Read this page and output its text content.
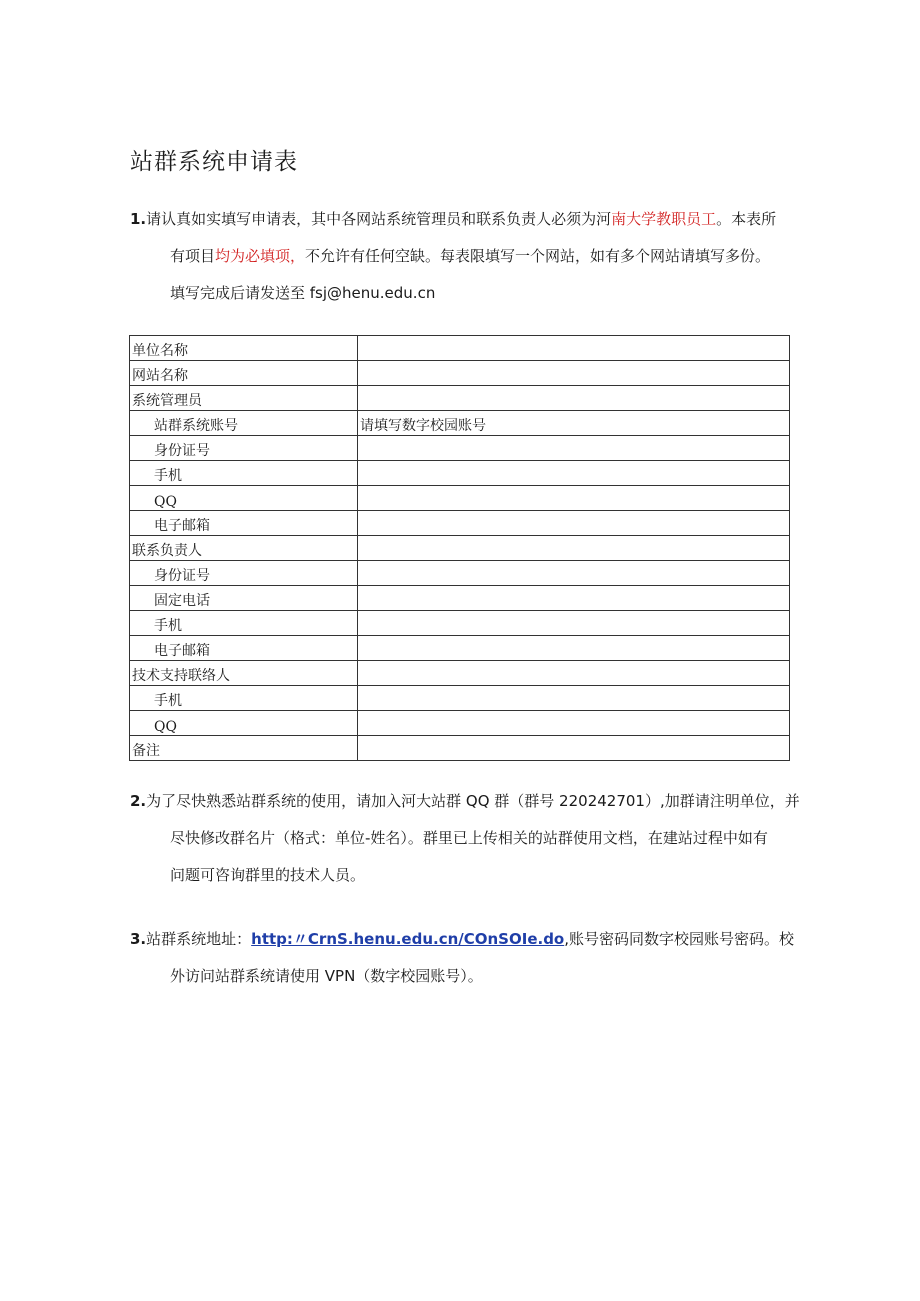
站群系统申请表
1.请认真如实填写申请表，其中各网站系统管理员和联系负责人必须为河南大学教职员工。本表所
有项目均为必填项，不允许有任何空缺。每表限填写一个网站，如有多个网站请填写多份。
填写完成后请发送至 fsj@henu.edu.cn
单位名称	
网站名称	
系统管理员	
站群系统账号	请填写数字校园账号
身份证号	
手机	
QQ	
电子邮箱	
联系负责人	
身份证号	
固定电话	
手机	
电子邮箱	
技术支持联络人	
手机	
QQ	
备注	
2.为了尽快熟悉站群系统的使用，请加入河大站群 QQ 群（群号 220242701）,加群请注明单位，并
尽快修改群名片（格式：单位-姓名）。群里已上传相关的站群使用文档，在建站过程中如有
问题可咨询群里的技术人员。
3.站群系统地址：http:〃CrnS.henu.edu.cn/COnSOIe.do,账号密码同数字校园账号密码。校
外访问站群系统请使用 VPN（数字校园账号）。
